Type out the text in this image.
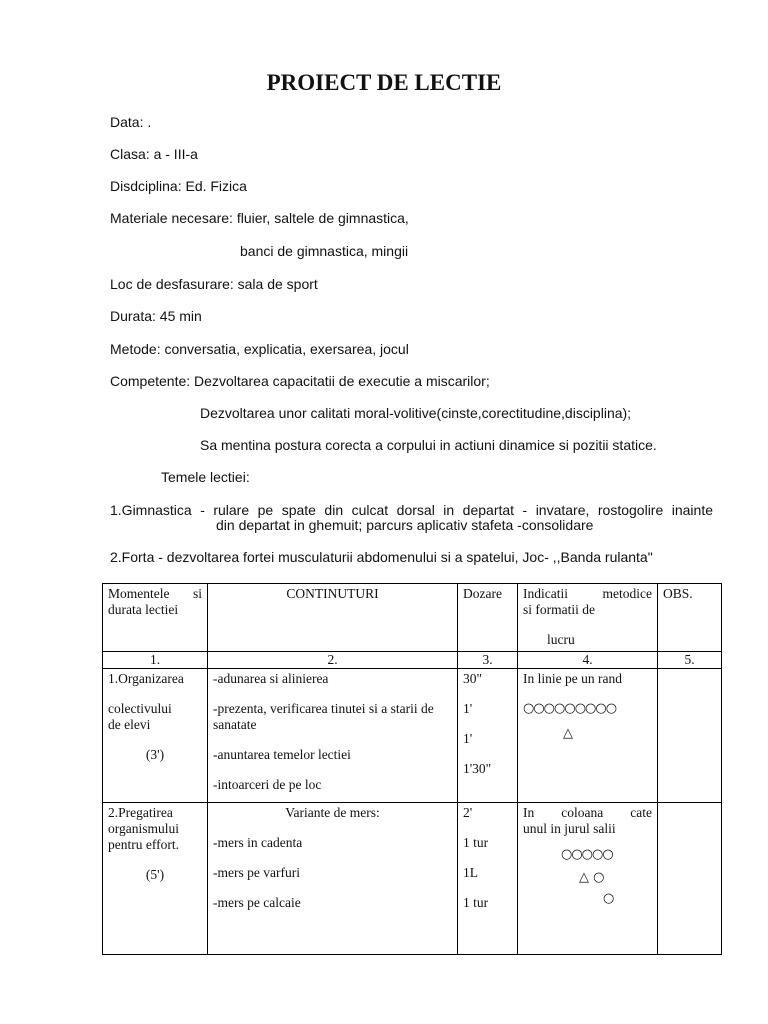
PROIECT DE LECTIE
Data: .
Clasa: a - III-a
Disdciplina: Ed. Fizica
Materiale necesare: fluier, saltele de gimnastica,
banci de gimnastica, mingii
Loc de desfasurare: sala de sport
Durata: 45 min
Metode: conversatia, explicatia, exersarea, jocul
Competente: Dezvoltarea capacitatii de executie a miscarilor;
Dezvoltarea unor calitati moral-volitive(cinste,corectitudine,disciplina);
Sa mentina postura corecta a corpului in actiuni dinamice si pozitii statice.
Temele lectiei:
1.Gimnastica - rulare pe spate din culcat dorsal in departat - invatare, rostogolire inainte
din departat in ghemuit; parcurs aplicativ stafeta -consolidare
2.Forta - dezvoltarea fortei musculaturii abdomenului si a spatelui, Joc- ,,Banda rulanta"
Momentele si
durata lectiei	CONTINUTURI	Dozare	Indicatii metodice
si formatii de
lucru	OBS.
1.	2.	3.	4.	5.

1.Organizarea
colectivului
de elevi
(3')	-adunarea si alinierea
-prezenta, verificarea tinutei si a starii de sanatate
-anuntarea temelor lectiei
-intoarceri de pe loc	30"
1'
1'
1'30"	In linie pe un rand
○○○○○○○○○
△	

2.Pregatirea
organismului
pentru effort.
(5')	Variante de mers:
-mers in cadenta
-mers pe varfuri
-mers pe calcaie	2'
1 tur
1L
1 tur	In coloana cate
unul in jurul salii
○○○○○
△ ○
○	
